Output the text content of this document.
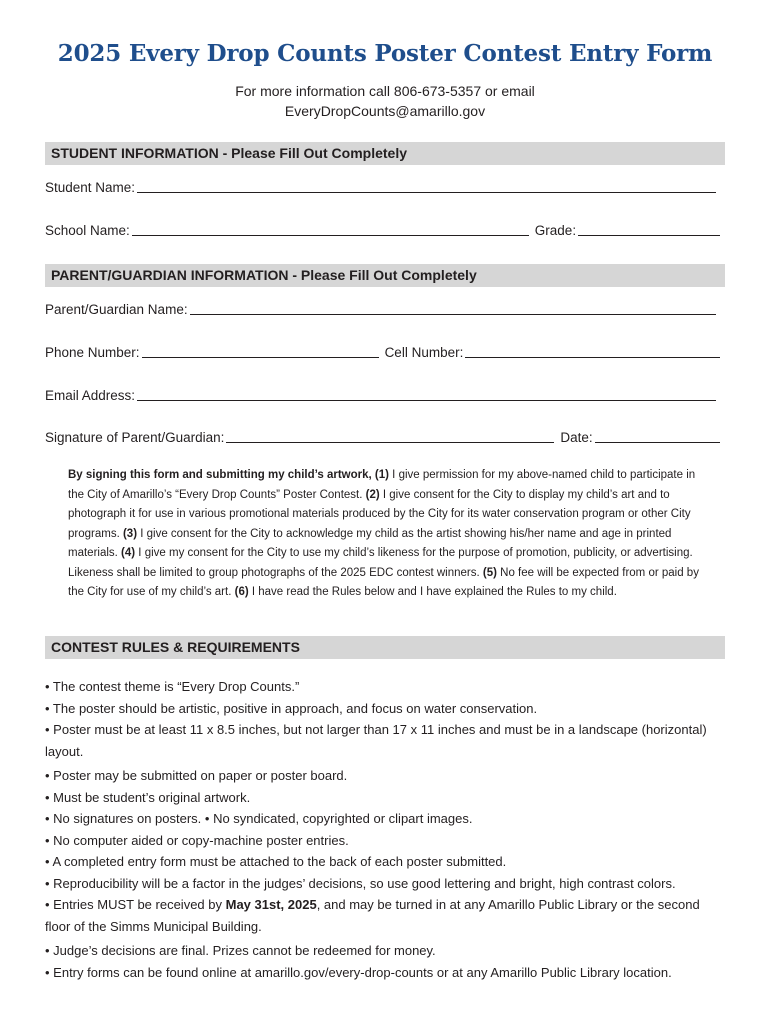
2025 Every Drop Counts Poster Contest Entry Form
For more information call 806-673-5357 or email
EveryDropCounts@amarillo.gov
STUDENT INFORMATION - Please Fill Out Completely
Student Name:
School Name:	Grade:
PARENT/GUARDIAN INFORMATION - Please Fill Out Completely
Parent/Guardian Name:
Phone Number:	Cell Number:
Email Address:
Signature of Parent/Guardian:	Date:
By signing this form and submitting my child’s artwork, (1) I give permission for my above-named child to participate in the City of Amarillo’s “Every Drop Counts” Poster Contest. (2) I give consent for the City to display my child’s art and to photograph it for use in various promotional materials produced by the City for its water conservation program or other City programs. (3) I give consent for the City to acknowledge my child as the artist showing his/her name and age in printed materials. (4) I give my consent for the City to use my child’s likeness for the purpose of promotion, publicity, or advertising. Likeness shall be limited to group photographs of the 2025 EDC contest winners. (5) No fee will be expected from or paid by the City for use of my child’s art. (6) I have read the Rules below and I have explained the Rules to my child.
CONTEST RULES & REQUIREMENTS

• The contest theme is “Every Drop Counts.”

• The poster should be artistic, positive in approach, and focus on water conservation.

• Poster must be at least 11 x 8.5 inches, but not larger than 17 x 11 inches and must be in a landscape (horizontal) layout.

• Poster may be submitted on paper or poster board.

• Must be student’s original artwork.

• No signatures on posters. • No syndicated, copyrighted or clipart images.

• No computer aided or copy-machine poster entries.

• A completed entry form must be attached to the back of each poster submitted.

• Reproducibility will be a factor in the judges’ decisions, so use good lettering and bright, high contrast colors.

• Entries MUST be received by May 31st, 2025, and may be turned in at any Amarillo Public Library or the second floor of the Simms Municipal Building.

• Judge’s decisions are final. Prizes cannot be redeemed for money.

• Entry forms can be found online at amarillo.gov/every-drop-counts or at any Amarillo Public Library location.
